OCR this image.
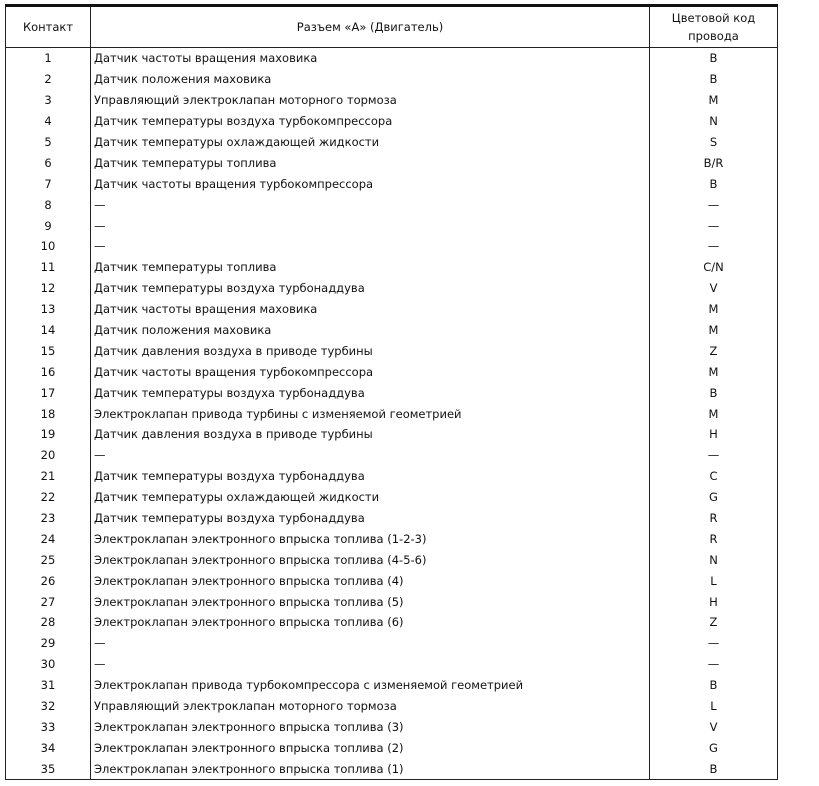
Контакт	Разъем «А» (Двигатель)	Цветовой код провода
1	Датчик частоты вращения маховика	B
2	Датчик положения маховика	B
3	Управляющий электроклапан моторного тормоза	M
4	Датчик температуры воздуха турбокомпрессора	N
5	Датчик температуры охлаждающей жидкости	S
6	Датчик температуры топлива	B/R
7	Датчик частоты вращения турбокомпрессора	B
8	—	—
9	—	—
10	—	—
11	Датчик температуры топлива	C/N
12	Датчик температуры воздуха турбонаддува	V
13	Датчик частоты вращения маховика	M
14	Датчик положения маховика	M
15	Датчик давления воздуха в приводе турбины	Z
16	Датчик частоты вращения турбокомпрессора	M
17	Датчик температуры воздуха турбонаддува	B
18	Электроклапан привода турбины с изменяемой геометрией	M
19	Датчик давления воздуха в приводе турбины	H
20	—	—
21	Датчик температуры воздуха турбонаддува	C
22	Датчик температуры охлаждающей жидкости	G
23	Датчик температуры воздуха турбонаддува	R
24	Электроклапан электронного впрыска топлива (1-2-3)	R
25	Электроклапан электронного впрыска топлива (4-5-6)	N
26	Электроклапан электронного впрыска топлива (4)	L
27	Электроклапан электронного впрыска топлива (5)	H
28	Электроклапан электронного впрыска топлива (6)	Z
29	—	—
30	—	—
31	Электроклапан привода турбокомпрессора с изменяемой геометрией	B
32	Управляющий электроклапан моторного тормоза	L
33	Электроклапан электронного впрыска топлива (3)	V
34	Электроклапан электронного впрыска топлива (2)	G
35	Электроклапан электронного впрыска топлива (1)	B
